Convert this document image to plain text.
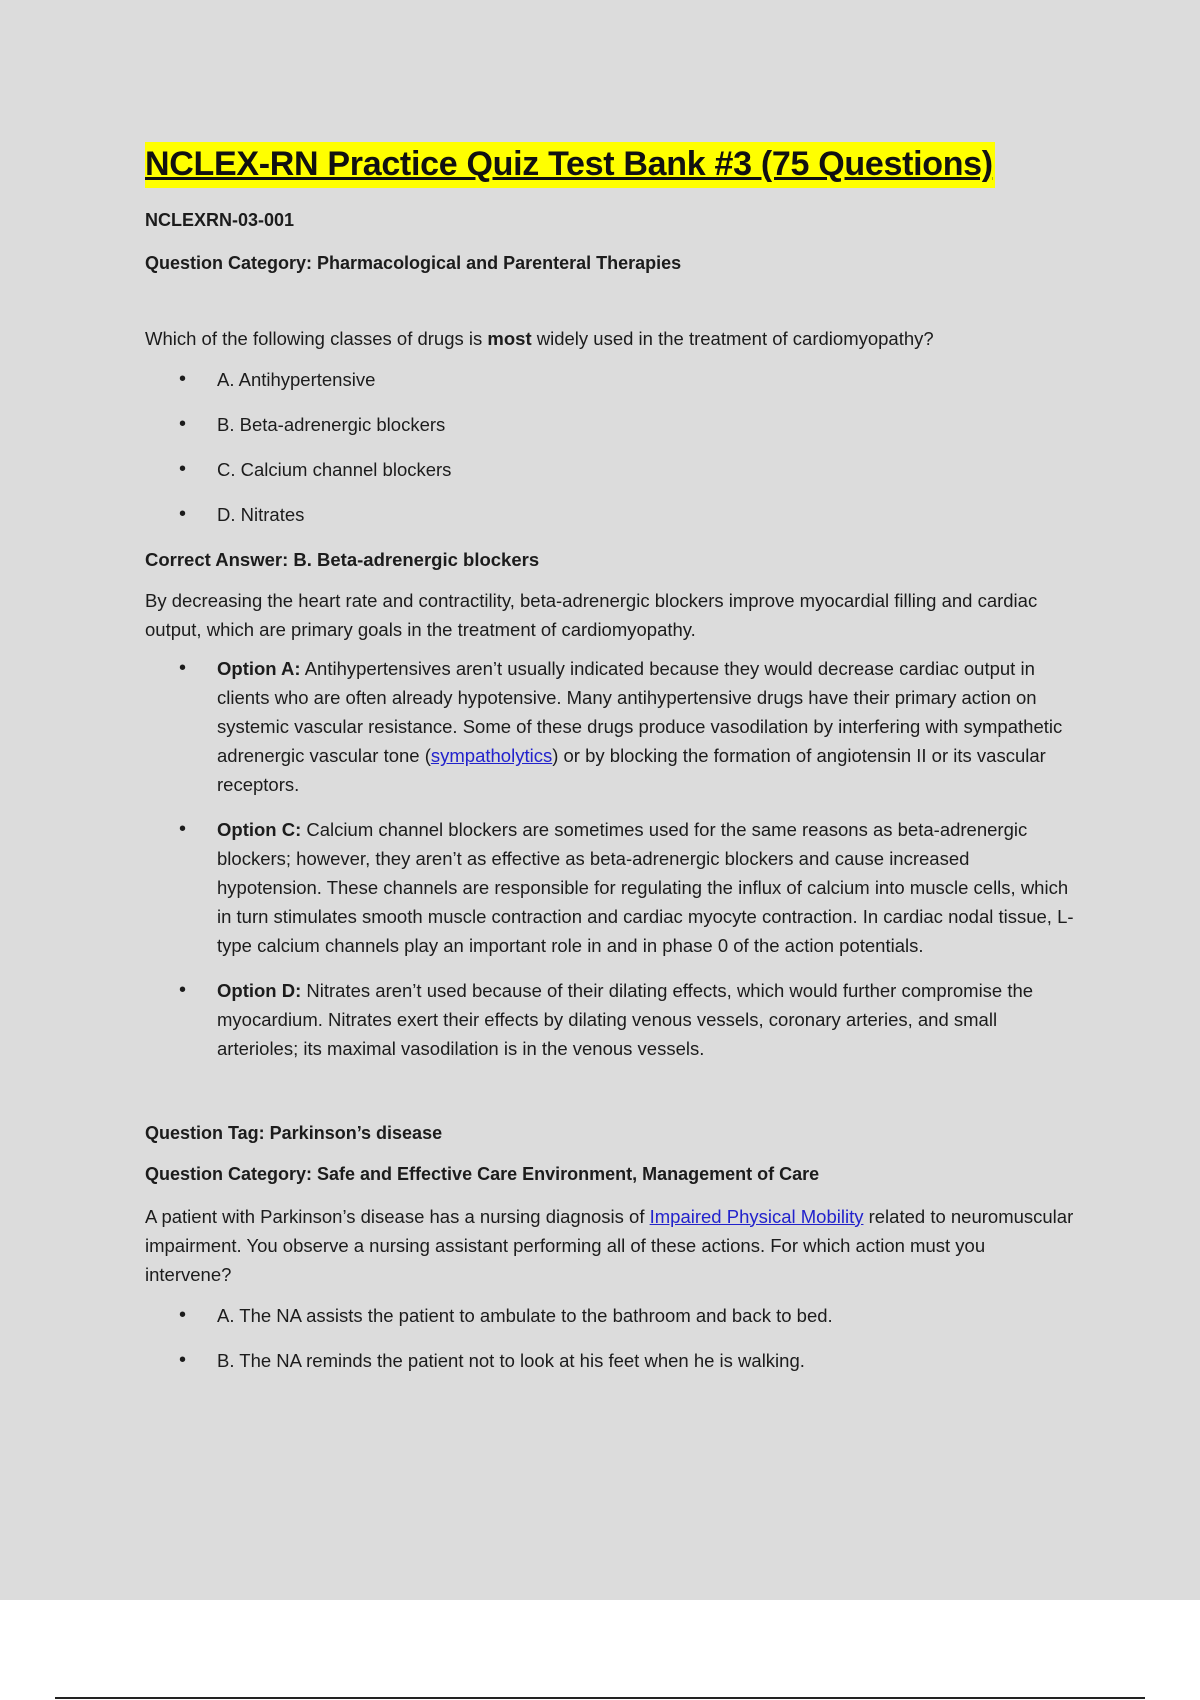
NCLEX-RN Practice Quiz Test Bank #3 (75 Questions)

NCLEXRN-03-001

Question Category: Pharmacological and Parenteral Therapies

Which of the following classes of drugs is most widely used in the treatment of cardiomyopathy?

• A. Antihypertensive
• B. Beta-adrenergic blockers
• C. Calcium channel blockers
• D. Nitrates

Correct Answer: B. Beta-adrenergic blockers

By decreasing the heart rate and contractility, beta-adrenergic blockers improve myocardial filling and cardiac output, which are primary goals in the treatment of cardiomyopathy.

• Option A: Antihypertensives aren’t usually indicated because they would decrease cardiac output in clients who are often already hypotensive. Many antihypertensive drugs have their primary action on systemic vascular resistance. Some of these drugs produce vasodilation by interfering with sympathetic adrenergic vascular tone (sympatholytics) or by blocking the formation of angiotensin II or its vascular receptors.
• Option C: Calcium channel blockers are sometimes used for the same reasons as beta-adrenergic blockers; however, they aren’t as effective as beta-adrenergic blockers and cause increased hypotension. These channels are responsible for regulating the influx of calcium into muscle cells, which in turn stimulates smooth muscle contraction and cardiac myocyte contraction. In cardiac nodal tissue, L-type calcium channels play an important role in and in phase 0 of the action potentials.
• Option D: Nitrates aren’t used because of their dilating effects, which would further compromise the myocardium. Nitrates exert their effects by dilating venous vessels, coronary arteries, and small arterioles; its maximal vasodilation is in the venous vessels.

Question Tag: Parkinson’s disease

Question Category: Safe and Effective Care Environment, Management of Care

A patient with Parkinson’s disease has a nursing diagnosis of Impaired Physical Mobility related to neuromuscular impairment. You observe a nursing assistant performing all of these actions. For which action must you intervene?

• A. The NA assists the patient to ambulate to the bathroom and back to bed.
• B. The NA reminds the patient not to look at his feet when he is walking.
